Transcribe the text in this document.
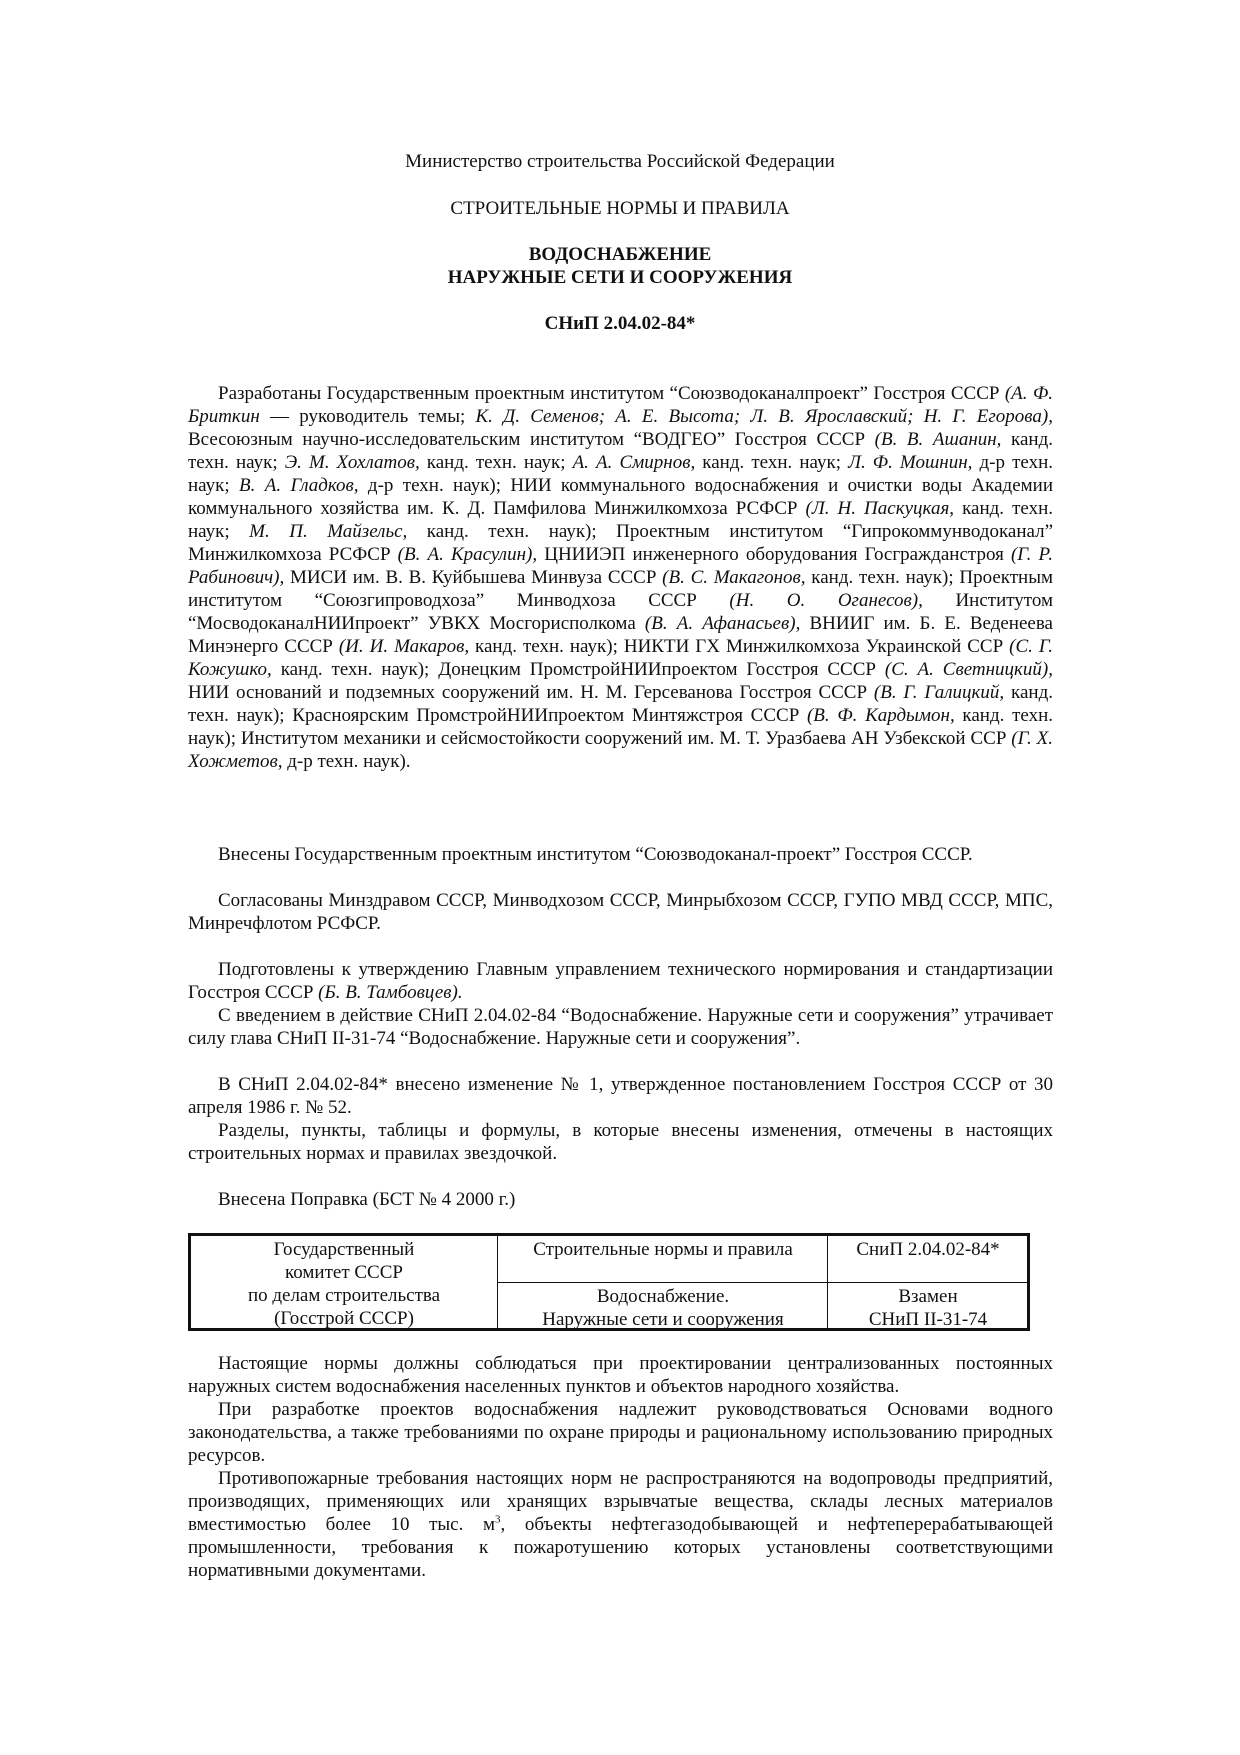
Министерство строительства Российской Федерации
СТРОИТЕЛЬНЫЕ НОРМЫ И ПРАВИЛА
ВОДОСНАБЖЕНИЕ
НАРУЖНЫЕ СЕТИ И СООРУЖЕНИЯ
СНиП 2.04.02-84*

Разработаны Государственным проектным институтом “Союзводоканалпроект” Госстроя СССР (А. Ф. Бриткин — руководитель темы; К. Д. Семенов; А. Е. Высота; Л. В. Ярославский; Н. Г. Егорова), Всесоюзным научно-исследовательским институтом “ВОДГЕО” Госстроя СССР (В. В. Ашанин, канд. техн. наук; Э. М. Хохлатов, канд. техн. наук; А. А. Смирнов, канд. техн. наук; Л. Ф. Мошнин, д-р техн. наук; В. А. Гладков, д-р техн. наук); НИИ коммунального водоснабжения и очистки воды Академии коммунального хозяйства им. К. Д. Памфилова Минжилкомхоза РСФСР (Л. Н. Паскуцкая, канд. техн. наук; М. П. Майзельс, канд. техн. наук); Проектным институтом “Гипрокоммунводоканал” Минжилкомхоза РСФСР (В. А. Красулин), ЦНИИЭП инженерного оборудования Госгражданстроя (Г. Р. Рабинович), МИСИ им. В. В. Куйбышева Минвуза СССР (В. С. Макагонов, канд. техн. наук); Проектным институтом “Союзгипроводхоза” Минводхоза СССР (Н. О. Оганесов), Институтом “МосводоканалНИИпроект” УВКХ Мосгорисполкома (В. А. Афанасьев), ВНИИГ им. Б. Е. Веденеева Минэнерго СССР (И. И. Макаров, канд. техн. наук); НИКТИ ГХ Минжилкомхоза Украинской ССР (С. Г. Кожушко, канд. техн. наук); Донецким ПромстройНИИпроектом Госстроя СССР (С. А. Светницкий), НИИ оснований и подземных сооружений им. Н. М. Герсеванова Госстроя СССР (В. Г. Галицкий, канд. техн. наук); Красноярским ПромстройНИИпроектом Минтяжстроя СССР (В. Ф. Кардымон, канд. техн. наук); Институтом механики и сейсмостойкости сооружений им. М. Т. Уразбаева АН Узбекской ССР (Г. Х. Хожметов, д-р техн. наук).

Внесены Государственным проектным институтом “Союзводоканал-проект” Госстроя СССР.

Согласованы Минздравом СССР, Минводхозом СССР, Минрыбхозом СССР, ГУПО МВД СССР, МПС, Минречфлотом РСФСР.

Подготовлены к утверждению Главным управлением технического нормирования и стандартизации Госстроя СССР (Б. В. Тамбовцев).

С введением в действие СНиП 2.04.02-84 “Водоснабжение. Наружные сети и сооружения” утрачивает силу глава СНиП II-31-74 “Водоснабжение. Наружные сети и сооружения”.

В СНиП 2.04.02-84* внесено изменение № 1, утвержденное постановлением Госстроя СССР от 30 апреля 1986 г. № 52.

Разделы, пункты, таблицы и формулы, в которые внесены изменения, отмечены в настоящих строительных нормах и правилах звездочкой.

Внесена Поправка (БСТ № 4 2000 г.)

Государственный
комитет СССР
по делам строительства
(Госстрой СССР)
Строительные нормы и правила	СниП 2.04.02-84*
Водоснабжение.
Наружные сети и сооружения
Взамен
СНиП II-31-74

Настоящие нормы должны соблюдаться при проектировании централизованных постоянных наружных систем водоснабжения населенных пунктов и объектов народного хозяйства.

При разработке проектов водоснабжения надлежит руководствоваться Основами водного законодательства, а также требованиями по охране природы и рациональному использованию природных ресурсов.

Противопожарные требования настоящих норм не распространяются на водопроводы предприятий, производящих, применяющих или хранящих взрывчатые вещества, склады лесных материалов вместимостью более 10 тыс. $м^3$, объекты нефтегазодобывающей и нефтеперерабатывающей промышленности, требования к пожаротушению которых установлены соответствующими нормативными документами.
